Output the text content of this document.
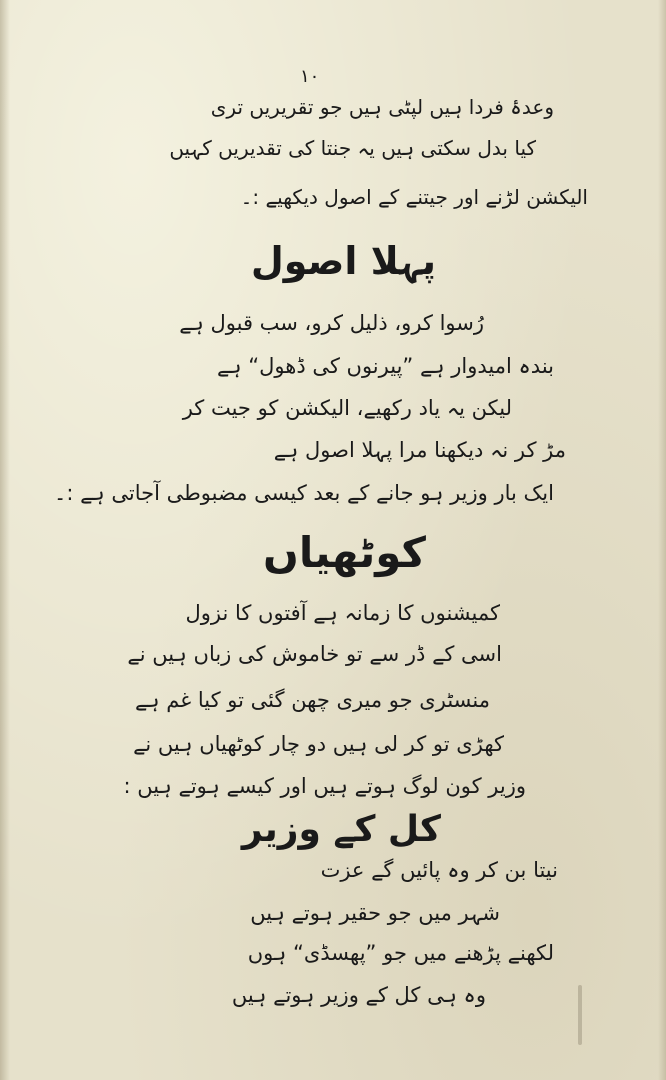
۱۰
وعدۂ فردا ہیں لپٹی ہیں جو تقریریں تری
کیا بدل سکتی ہیں یہ جنتا کی تقدیریں کہیں
الیکشن لڑنے اور جیتنے کے اصول دیکھیے :۔
پہلا اصول
رُسوا کرو، ذلیل کرو، سب قبول ہے
بندہ امیدوار ہے ”پیرنوں کی ڈھول“ ہے
لیکن یہ یاد رکھیے، الیکشن کو جیت کر
مڑ کر نہ دیکھنا مرا پہلا اصول ہے
ایک بار وزیر ہو جانے کے بعد کیسی مضبوطی آجاتی ہے :۔
کوٹھیاں
کمیشنوں کا زمانہ ہے آفتوں کا نزول
اسی کے ڈر سے تو خاموش کی زباں ہیں نے
منسٹری جو میری چھن گئی تو کیا غم ہے
کھڑی تو کر لی ہیں دو چار کوٹھیاں ہیں نے
وزیر کون لوگ ہوتے ہیں اور کیسے ہوتے ہیں :
کل کے وزیر
نیتا بن کر وہ پائیں گے عزت
شہر میں جو حقیر ہوتے ہیں
لکھنے پڑھنے میں جو ”پھسڈی“ ہوں
وہ ہی کل کے وزیر ہوتے ہیں
